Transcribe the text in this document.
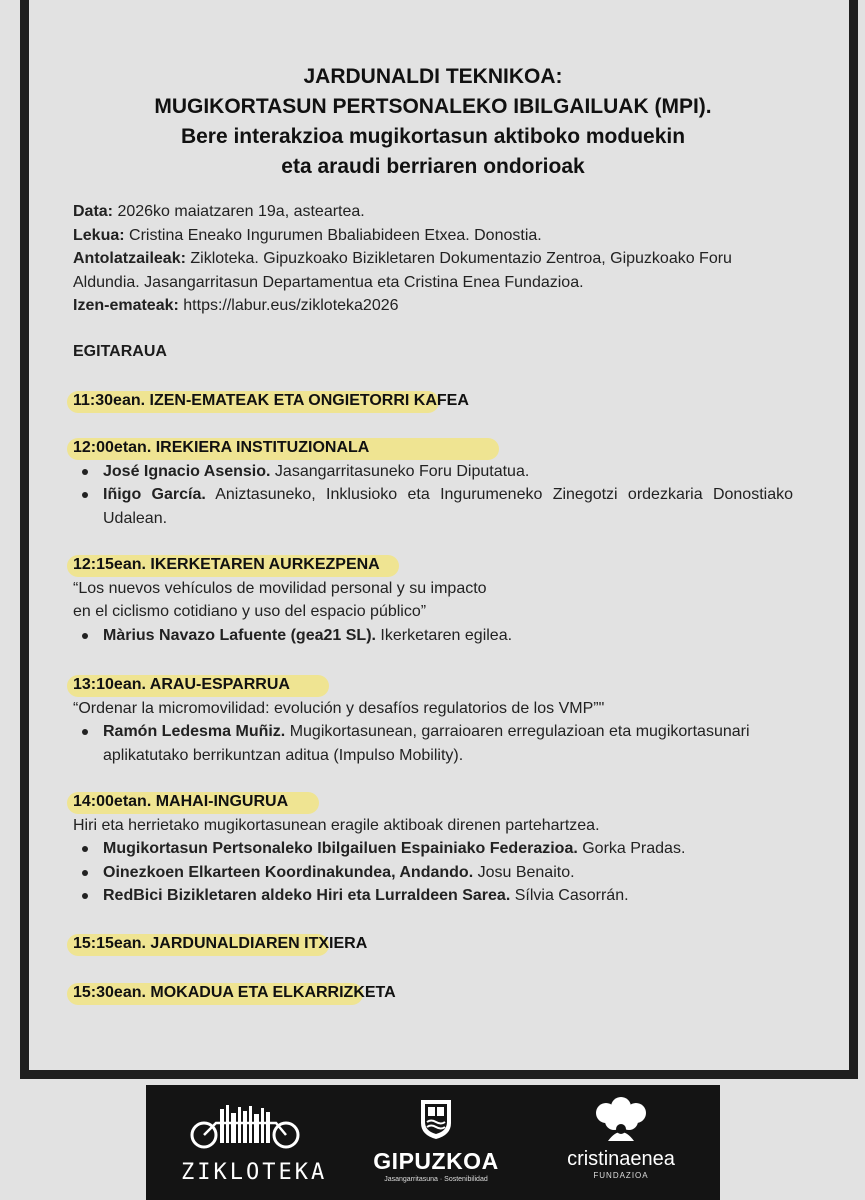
JARDUNALDI TEKNIKOA:
MUGIKORTASUN PERTSONALEKO IBILGAILUAK (MPI).
Bere interakzioa mugikortasun aktiboko moduekin
eta araudi berriaren ondorioak
Data: 2026ko maiatzaren 19a, asteartea.
Lekua: Cristina Eneako Ingurumen Bbaliabideen Etxea. Donostia.
Antolatzaileak: Zikloteka. Gipuzkoako Bizikletaren Dokumentazio Zentroa, Gipuzkoako Foru Aldundia. Jasangarritasun Departamentua eta Cristina Enea Fundazioa.
Izen-emateak: https://labur.eus/zikloteka2026
EGITARAUA
11:30ean. IZEN-EMATEAK ETA ONGIETORRI KAFEA
12:00etan. IREKIERA INSTITUZIONALA
José Ignacio Asensio. Jasangarritasuneko Foru Diputatua.
Iñigo García. Aniztasuneko, Inklusioko eta Ingurumeneko Zinegotzi ordezkaria Donostiako Udalean.
12:15ean. IKERKETAREN AURKEZPENA
“Los nuevos vehículos de movilidad personal y su impacto
en el ciclismo cotidiano y uso del espacio público”
Màrius Navazo Lafuente (gea21 SL). Ikerketaren egilea.
13:10ean. ARAU-ESPARRUA
“Ordenar la micromovilidad: evolución y desafíos regulatorios de los VMP”"
Ramón Ledesma Muñiz. Mugikortasunean, garraioaren erregulazioan eta mugikortasunari aplikatutako berrikuntzan aditua (Impulso Mobility).
14:00etan. MAHAI-INGURUA
Hiri eta herrietako mugikortasunean eragile aktiboak direnen partehartzea.
Mugikortasun Pertsonaleko Ibilgailuen Espainiako Federazioa. Gorka Pradas.
Oinezkoen Elkarteen Koordinakundea, Andando. Josu Benaito.
RedBici Bizikletaren aldeko Hiri eta Lurraldeen Sarea. Sílvia Casorrán.
15:15ean. JARDUNALDIAREN ITXIERA
15:30ean. MOKADUA ETA ELKARRIZKETA
ZIKLOTEKA	GIPUZKOA
Jasangarritasuna · Sostenibilidad
cristinaenea
FUNDAZIOA
